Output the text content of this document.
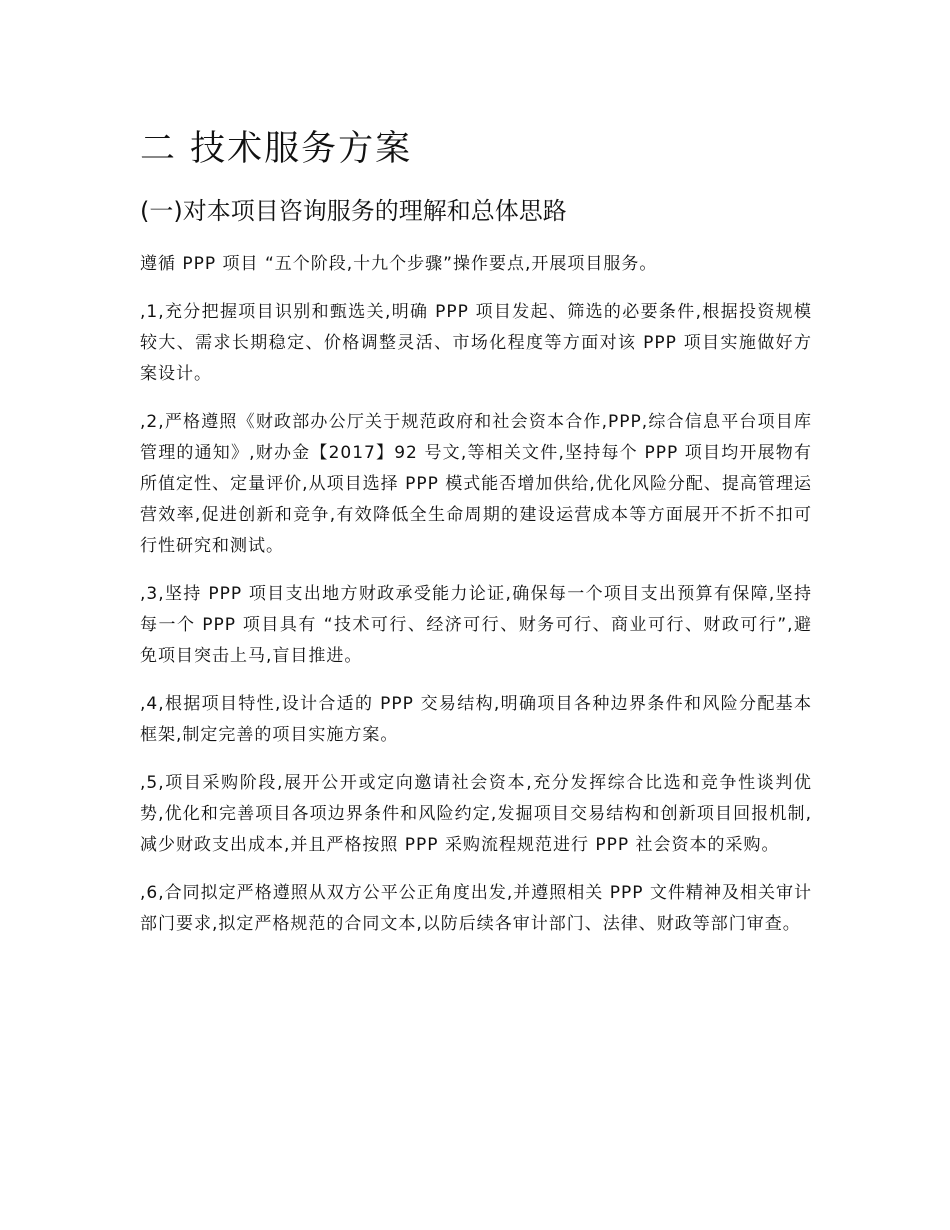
二 技术服务方案
(一)对本项目咨询服务的理解和总体思路

遵循 PPP 项目 “五个阶段,十九个步骤”操作要点,开展项目服务。

,1,充分把握项目识别和甄选关,明确 PPP 项目发起、筛选的必要条件,根据投资规模较大、需求长期稳定、价格调整灵活、市场化程度等方面对该 PPP 项目实施做好方案设计。

,2,严格遵照《财政部办公厅关于规范政府和社会资本合作,PPP,综合信息平台项目库管理的通知》,财办金【2017】92 号文,等相关文件,坚持每个 PPP 项目均开展物有所值定性、定量评价,从项目选择 PPP 模式能否增加供给,优化风险分配、提高管理运营效率,促进创新和竞争,有效降低全生命周期的建设运营成本等方面展开不折不扣可行性研究和测试。

,3,坚持 PPP 项目支出地方财政承受能力论证,确保每一个项目支出预算有保障,坚持每一个 PPP 项目具有 “技术可行、经济可行、财务可行、商业可行、财政可行”,避免项目突击上马,盲目推进。

,4,根据项目特性,设计合适的 PPP 交易结构,明确项目各种边界条件和风险分配基本框架,制定完善的项目实施方案。

,5,项目采购阶段,展开公开或定向邀请社会资本,充分发挥综合比选和竞争性谈判优势,优化和完善项目各项边界条件和风险约定,发掘项目交易结构和创新项目回报机制,减少财政支出成本,并且严格按照 PPP 采购流程规范进行 PPP 社会资本的采购。

,6,合同拟定严格遵照从双方公平公正角度出发,并遵照相关 PPP 文件精神及相关审计部门要求,拟定严格规范的合同文本,以防后续各审计部门、法律、财政等部门审查。
